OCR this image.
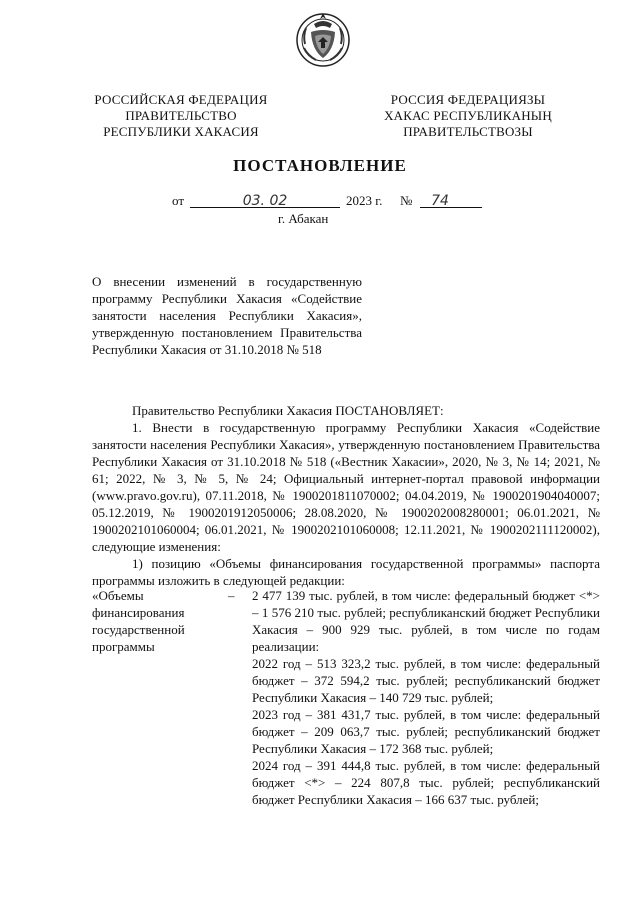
РОССИЙСКАЯ ФЕДЕРАЦИЯ
ПРАВИТЕЛЬСТВО
РЕСПУБЛИКИ ХАКАСИЯ
РОССИЯ ФЕДЕРАЦИЯЗЫ
ХАКАС РЕСПУБЛИКАНЫҢ
ПРАВИТЕЛЬСТВОЗЫ
ПОСТАНОВЛЕНИЕ
от	03. 02	2023 г. №	74
г. Абакан
О внесении изменений в государственную программу Республики Хакасия «Содействие занятости населения Республики Хакасия», утвержденную постановлением Правительства Республики Хакасия от 31.10.2018 № 518

Правительство Республики Хакасия ПОСТАНОВЛЯЕТ:

1. Внести в государственную программу Республики Хакасия «Содействие занятости населения Республики Хакасия», утвержденную постановлением Правительства Республики Хакасия от 31.10.2018 № 518 («Вестник Хакасии», 2020, № 3, № 14; 2021, № 61; 2022, № 3, № 5, № 24; Официальный интернет-портал правовой информации (www.pravo.gov.ru), 07.11.2018, № 1900201811070002; 04.04.2019, № 1900201904040007; 05.12.2019, № 1900201912050006; 28.08.2020, № 1900202008280001; 06.01.2021, № 1900202101060004; 06.01.2021, № 1900202101060008; 12.11.2021, № 1900202111120002), следующие изменения:

1) позицию «Объемы финансирования государственной программы» паспорта программы изложить в следующей редакции:

«Объемы финансирования государственной программы
– 2 477 139 тыс. рублей, в том числе: федеральный бюджет <*> – 1 576 210 тыс. рублей; республиканский бюджет Республики Хакасия – 900 929 тыс. рублей, в том числе по годам реализации:
2022 год – 513 323,2 тыс. рублей, в том числе: федеральный бюджет – 372 594,2 тыс. рублей; республиканский бюджет Республики Хакасия – 140 729 тыс. рублей;
2023 год – 381 431,7 тыс. рублей, в том числе: федеральный бюджет – 209 063,7 тыс. рублей; республиканский бюджет Республики Хакасия – 172 368 тыс. рублей;
2024 год – 391 444,8 тыс. рублей, в том числе: федеральный бюджет <*> – 224 807,8 тыс. рублей; республиканский бюджет Республики Хакасия – 166 637 тыс. рублей;
